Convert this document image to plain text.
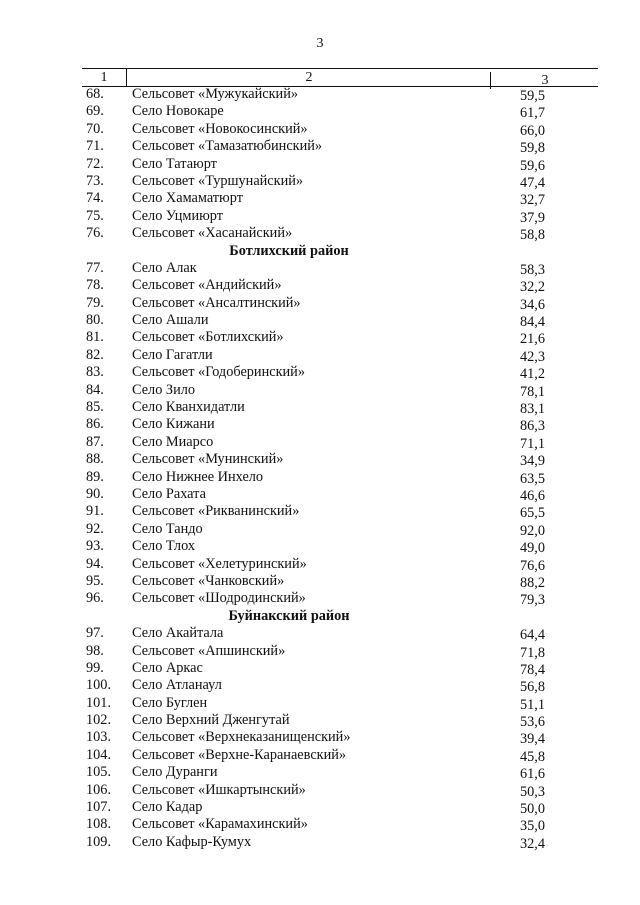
3
1	2	3
68.	Сельсовет «Мужукайский»	59,5
69.	Село Новокаре	61,7
70.	Сельсовет «Новокосинский»	66,0
71.	Сельсовет «Тамазатюбинский»	59,8
72.	Село Татаюрт	59,6
73.	Сельсовет «Туршунайский»	47,4
74.	Село Хамаматюрт	32,7
75.	Село Уцмиюрт	37,9
76.	Сельсовет «Хасанайский»	58,8
Ботлихский район
77.	Село Алак	58,3
78.	Сельсовет «Андийский»	32,2
79.	Сельсовет «Ансалтинский»	34,6
80.	Село Ашали	84,4
81.	Сельсовет «Ботлихский»	21,6
82.	Село Гагатли	42,3
83.	Сельсовет «Годоберинский»	41,2
84.	Село Зило	78,1
85.	Село Кванхидатли	83,1
86.	Село Кижани	86,3
87.	Село Миарсо	71,1
88.	Сельсовет «Мунинский»	34,9
89.	Село Нижнее Инхело	63,5
90.	Село Рахата	46,6
91.	Сельсовет «Рикванинский»	65,5
92.	Село Тандо	92,0
93.	Село Тлох	49,0
94.	Сельсовет «Хелетуринский»	76,6
95.	Сельсовет «Чанковский»	88,2
96.	Сельсовет «Шодродинский»	79,3
Буйнакский район
97.	Село Акайтала	64,4
98.	Сельсовет «Апшинский»	71,8
99.	Село Аркас	78,4
100.	Село Атланаул	56,8
101.	Село Буглен	51,1
102.	Село Верхний Дженгутай	53,6
103.	Сельсовет «Верхнеказанищенский»	39,4
104.	Сельсовет «Верхне-Каранаевский»	45,8
105.	Село Дуранги	61,6
106.	Сельсовет «Ишкартынский»	50,3
107.	Село Кадар	50,0
108.	Сельсовет «Карамахинский»	35,0
109.	Село Кафыр-Кумух	32,4
